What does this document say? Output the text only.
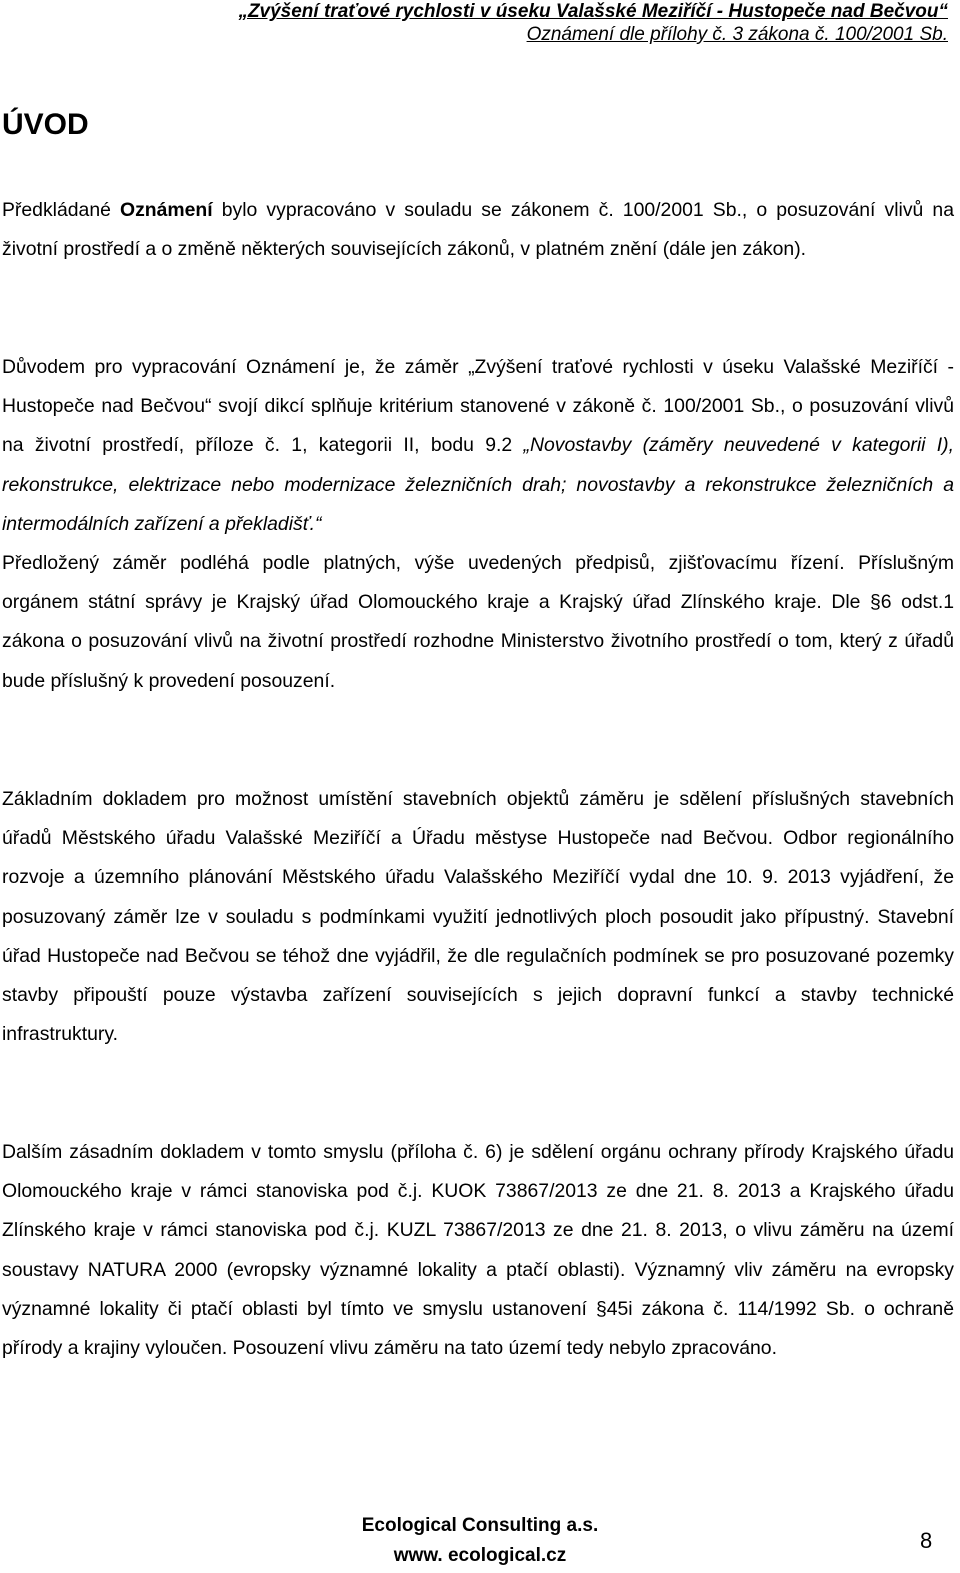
„Zvýšení traťové rychlosti v úseku Valašské Meziříčí - Hustopeče nad Bečvou“
Oznámení dle přílohy č. 3 zákona č. 100/2001 Sb.
ÚVOD

Předkládané Oznámení bylo vypracováno v souladu se zákonem č. 100/2001 Sb., o posuzování vlivů na životní prostředí a o změně některých souvisejících zákonů, v platném znění (dále jen zákon).

Důvodem pro vypracování Oznámení je, že záměr „Zvýšení traťové rychlosti v úseku Valašské Meziříčí - Hustopeče nad Bečvou“ svojí dikcí splňuje kritérium stanovené v zákoně č. 100/2001 Sb., o posuzování vlivů na životní prostředí, příloze č. 1, kategorii II, bodu 9.2 „Novostavby (záměry neuvedené v kategorii I), rekonstrukce, elektrizace nebo modernizace železničních drah; novostavby a rekonstrukce železničních a intermodálních zařízení a překladišť.“
Předložený záměr podléhá podle platných, výše uvedených předpisů, zjišťovacímu řízení. Příslušným orgánem státní správy je Krajský úřad Olomouckého kraje a Krajský úřad Zlínského kraje. Dle §6 odst.1 zákona o posuzování vlivů na životní prostředí rozhodne Ministerstvo životního prostředí o tom, který z úřadů bude příslušný k provedení posouzení.

Základním dokladem pro možnost umístění stavebních objektů záměru je sdělení příslušných stavebních úřadů Městského úřadu Valašské Meziříčí a Úřadu městyse Hustopeče nad Bečvou. Odbor regionálního rozvoje a územního plánování Městského úřadu Valašského Meziříčí vydal dne 10. 9. 2013 vyjádření, že posuzovaný záměr lze v souladu s podmínkami využití jednotlivých ploch posoudit jako přípustný. Stavební úřad Hustopeče nad Bečvou se téhož dne vyjádřil, že dle regulačních podmínek se pro posuzované pozemky stavby připouští pouze výstavba zařízení souvisejících s jejich dopravní funkcí a stavby technické infrastruktury.

Dalším zásadním dokladem v tomto smyslu (příloha č. 6) je sdělení orgánu ochrany přírody Krajského úřadu Olomouckého kraje v rámci stanoviska pod č.j. KUOK 73867/2013 ze dne 21. 8. 2013 a Krajského úřadu Zlínského kraje v rámci stanoviska pod č.j. KUZL 73867/2013 ze dne 21. 8. 2013, o vlivu záměru na území soustavy NATURA 2000 (evropsky významné lokality a ptačí oblasti). Významný vliv záměru na evropsky významné lokality či ptačí oblasti byl tímto ve smyslu ustanovení §45i zákona č. 114/1992 Sb. o ochraně přírody a krajiny vyloučen. Posouzení vlivu záměru na tato území tedy nebylo zpracováno.

Ecological Consulting a.s.
www. ecological.cz
8
